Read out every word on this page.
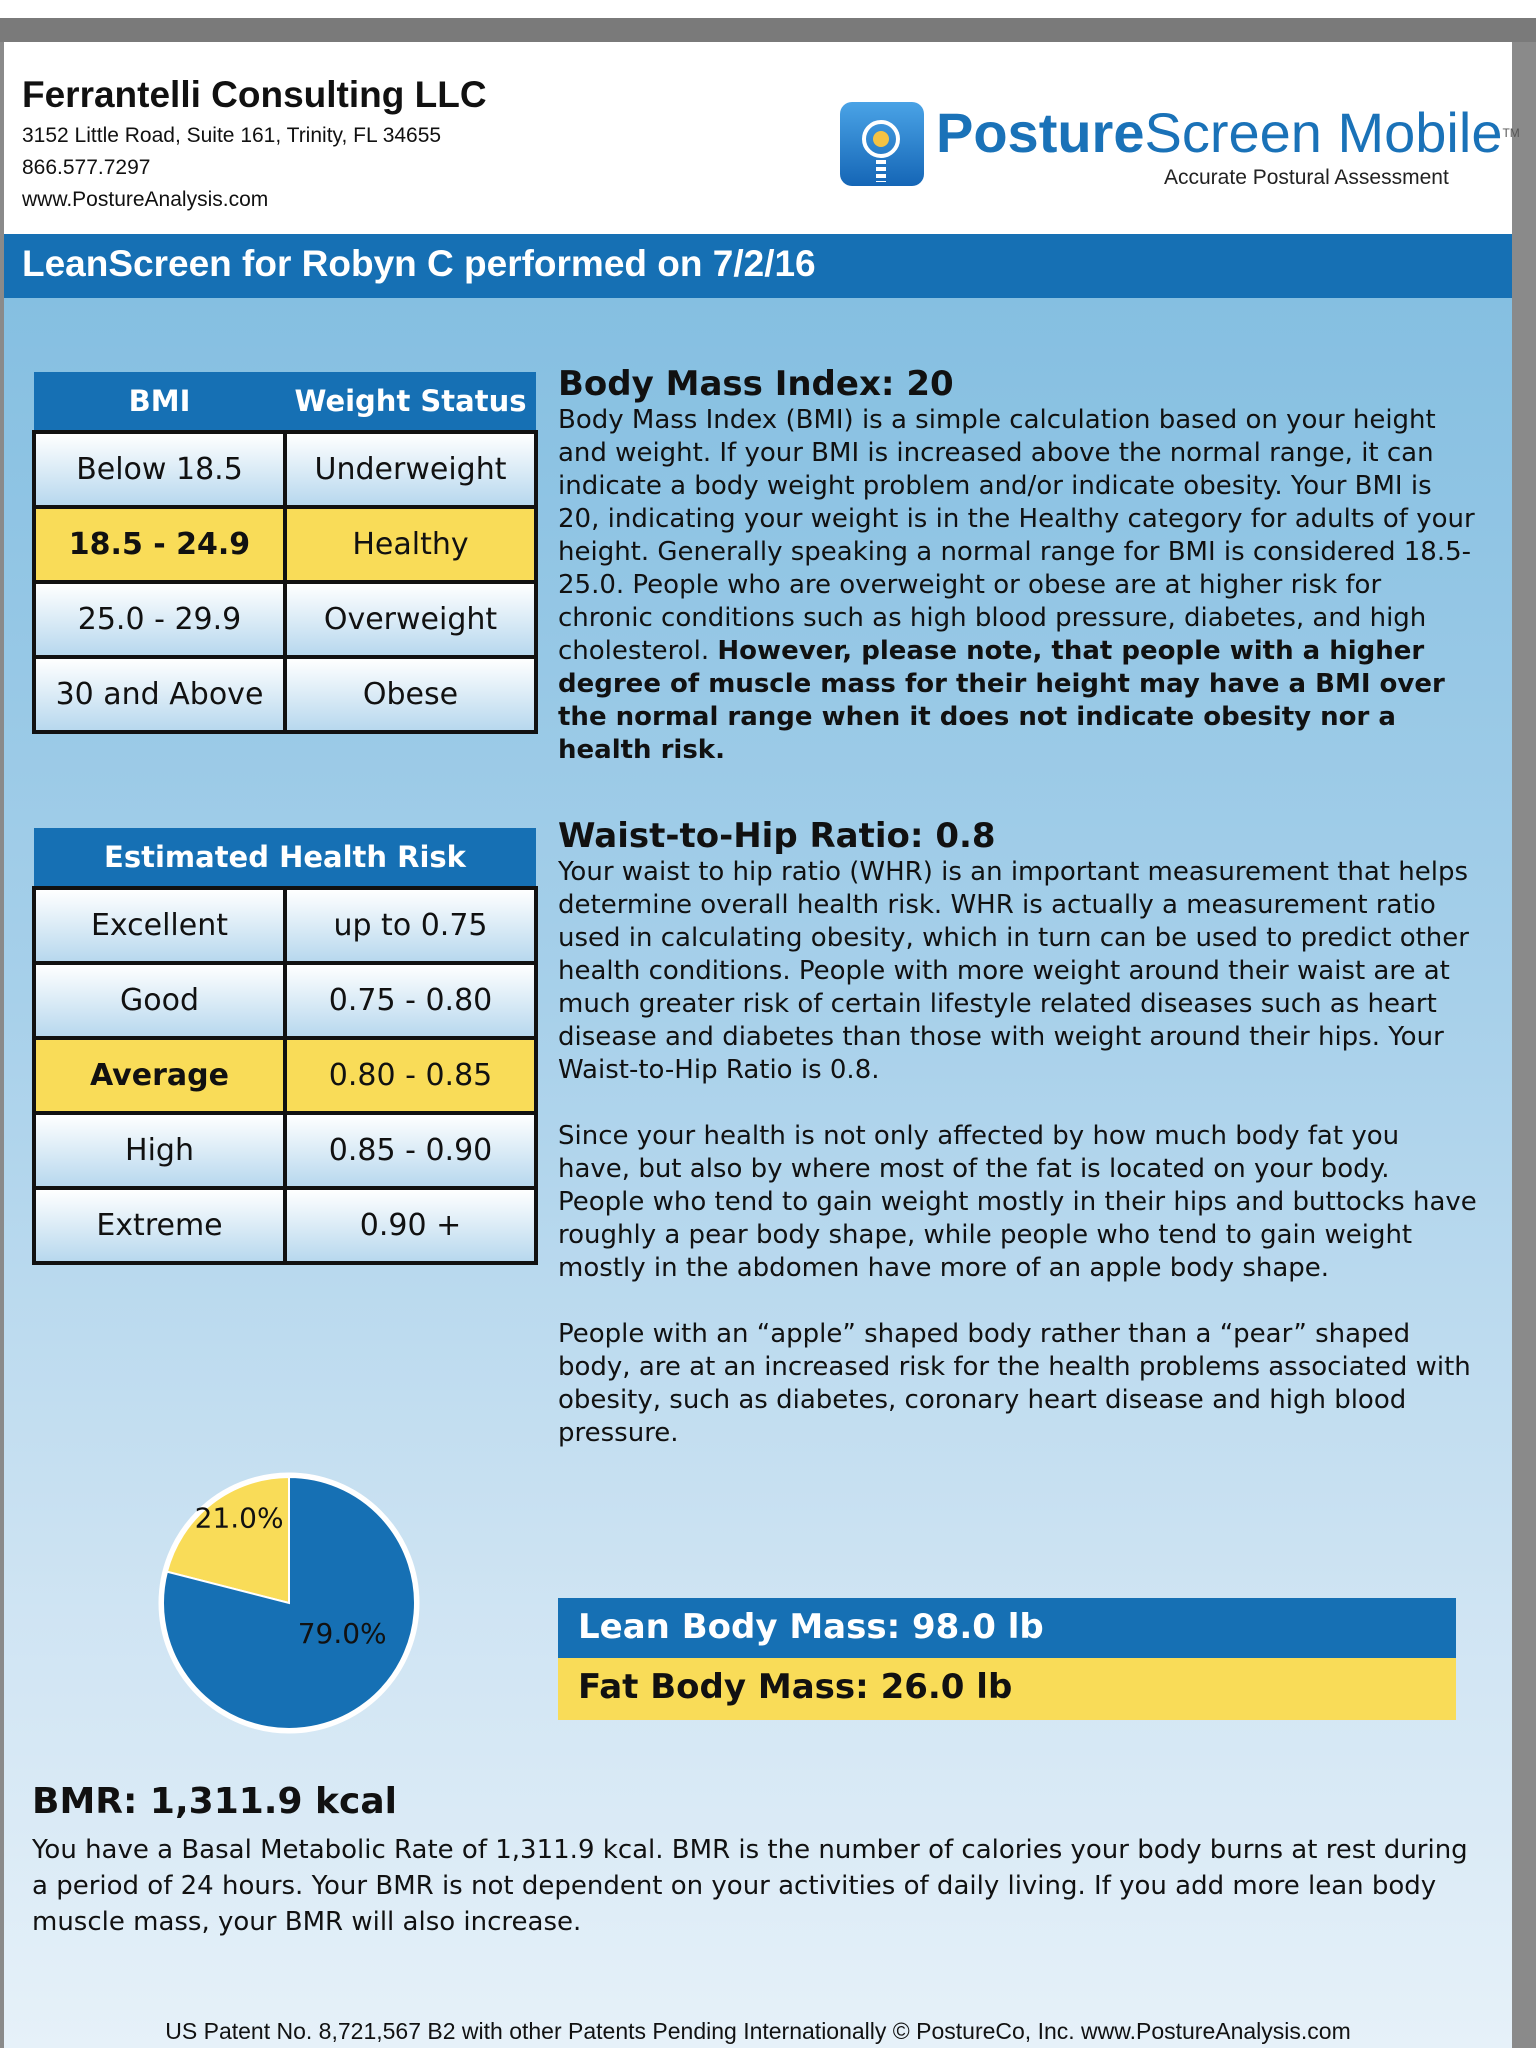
Ferrantelli Consulting LLC
3152 Little Road, Suite 161, Trinity, FL 34655
866.577.7297
www.PostureAnalysis.com
PostureScreen Mobile™
Accurate Postural Assessment
LeanScreen for Robyn C performed on 7/2/16
BMI	Weight Status
Below 18.5	Underweight
18.5 - 24.9	Healthy
25.0 - 29.9	Overweight
30 and Above	Obese
Estimated Health Risk	
Excellent	up to 0.75
Good	0.75 - 0.80
Average	0.80 - 0.85
High	0.85 - 0.90
Extreme	0.90 +
Body Mass Index: 20

Body Mass Index (BMI) is a simple calculation based on your height and weight. If your BMI is increased above the normal range, it can indicate a body weight problem and/or indicate obesity. Your BMI is 20, indicating your weight is in the Healthy category for adults of your height. Generally speaking a normal range for BMI is considered 18.5-25.0. People who are overweight or obese are at higher risk for chronic conditions such as high blood pressure, diabetes, and high cholesterol. However, please note, that people with a higher degree of muscle mass for their height may have a BMI over the normal range when it does not indicate obesity nor a health risk.

Waist-to-Hip Ratio: 0.8

Your waist to hip ratio (WHR) is an important measurement that helps determine overall health risk. WHR is actually a measurement ratio used in calculating obesity, which in turn can be used to predict other health conditions. People with more weight around their waist are at much greater risk of certain lifestyle related diseases such as heart disease and diabetes than those with weight around their hips. Your Waist-to-Hip Ratio is 0.8.

Since your health is not only affected by how much body fat you have, but also by where most of the fat is located on your body. People who tend to gain weight mostly in their hips and buttocks have roughly a pear body shape, while people who tend to gain weight mostly in the abdomen have more of an apple body shape.

People with an “apple” shaped body rather than a “pear” shaped body, are at an increased risk for the health problems associated with obesity, such as diabetes, coronary heart disease and high blood pressure.

21.0%
79.0%	Lean Body Mass: 98.0 lb
Fat Body Mass: 26.0 lb
BMR: 1,311.9 kcal

You have a Basal Metabolic Rate of 1,311.9 kcal. BMR is the number of calories your body burns at rest during a period of 24 hours. Your BMR is not dependent on your activities of daily living. If you add more lean body muscle mass, your BMR will also increase.

US Patent No. 8,721,567 B2 with other Patents Pending Internationally © PostureCo, Inc. www.PostureAnalysis.com
